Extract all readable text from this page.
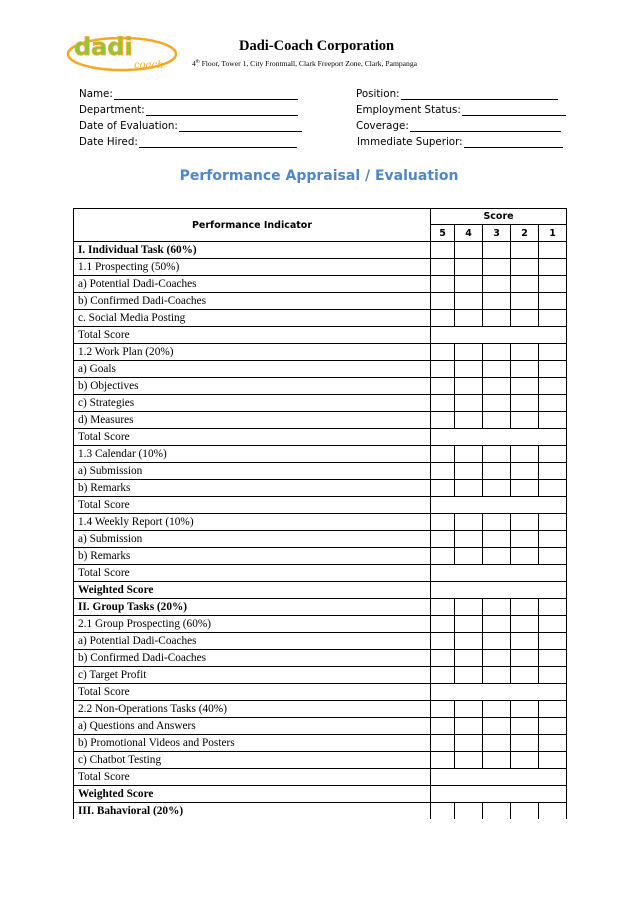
dadi
coach
Dadi-Coach Corporation
4th Floor, Tower 1, City Frontmall, Clark Freeport Zone, Clark, Pampanga
Name:
Department:
Date of Evaluation:
Date Hired:
Position:
Employment Status:
Coverage:
Immediate Superior:
Performance Appraisal / Evaluation
Performance Indicator	Score				
	5	4	3	2	1
I. Individual Task (60%)					
1.1 Prospecting (50%)					
a) Potential Dadi-Coaches					
b) Confirmed Dadi-Coaches					
c. Social Media Posting					
Total Score					
1.2 Work Plan (20%)					
a) Goals					
b) Objectives					
c) Strategies					
d) Measures					
Total Score					
1.3 Calendar (10%)					
a) Submission					
b) Remarks					
Total Score					
1.4 Weekly Report (10%)					
a) Submission					
b) Remarks					
Total Score					
Weighted Score					
II. Group Tasks (20%)					
2.1 Group Prospecting (60%)					
a) Potential Dadi-Coaches					
b) Confirmed Dadi-Coaches					
c) Target Profit					
Total Score					
2.2 Non-Operations Tasks (40%)					
a) Questions and Answers					
b) Promotional Videos and Posters					
c) Chatbot Testing					
Total Score					
Weighted Score					
III. Bahavioral (20%)					
